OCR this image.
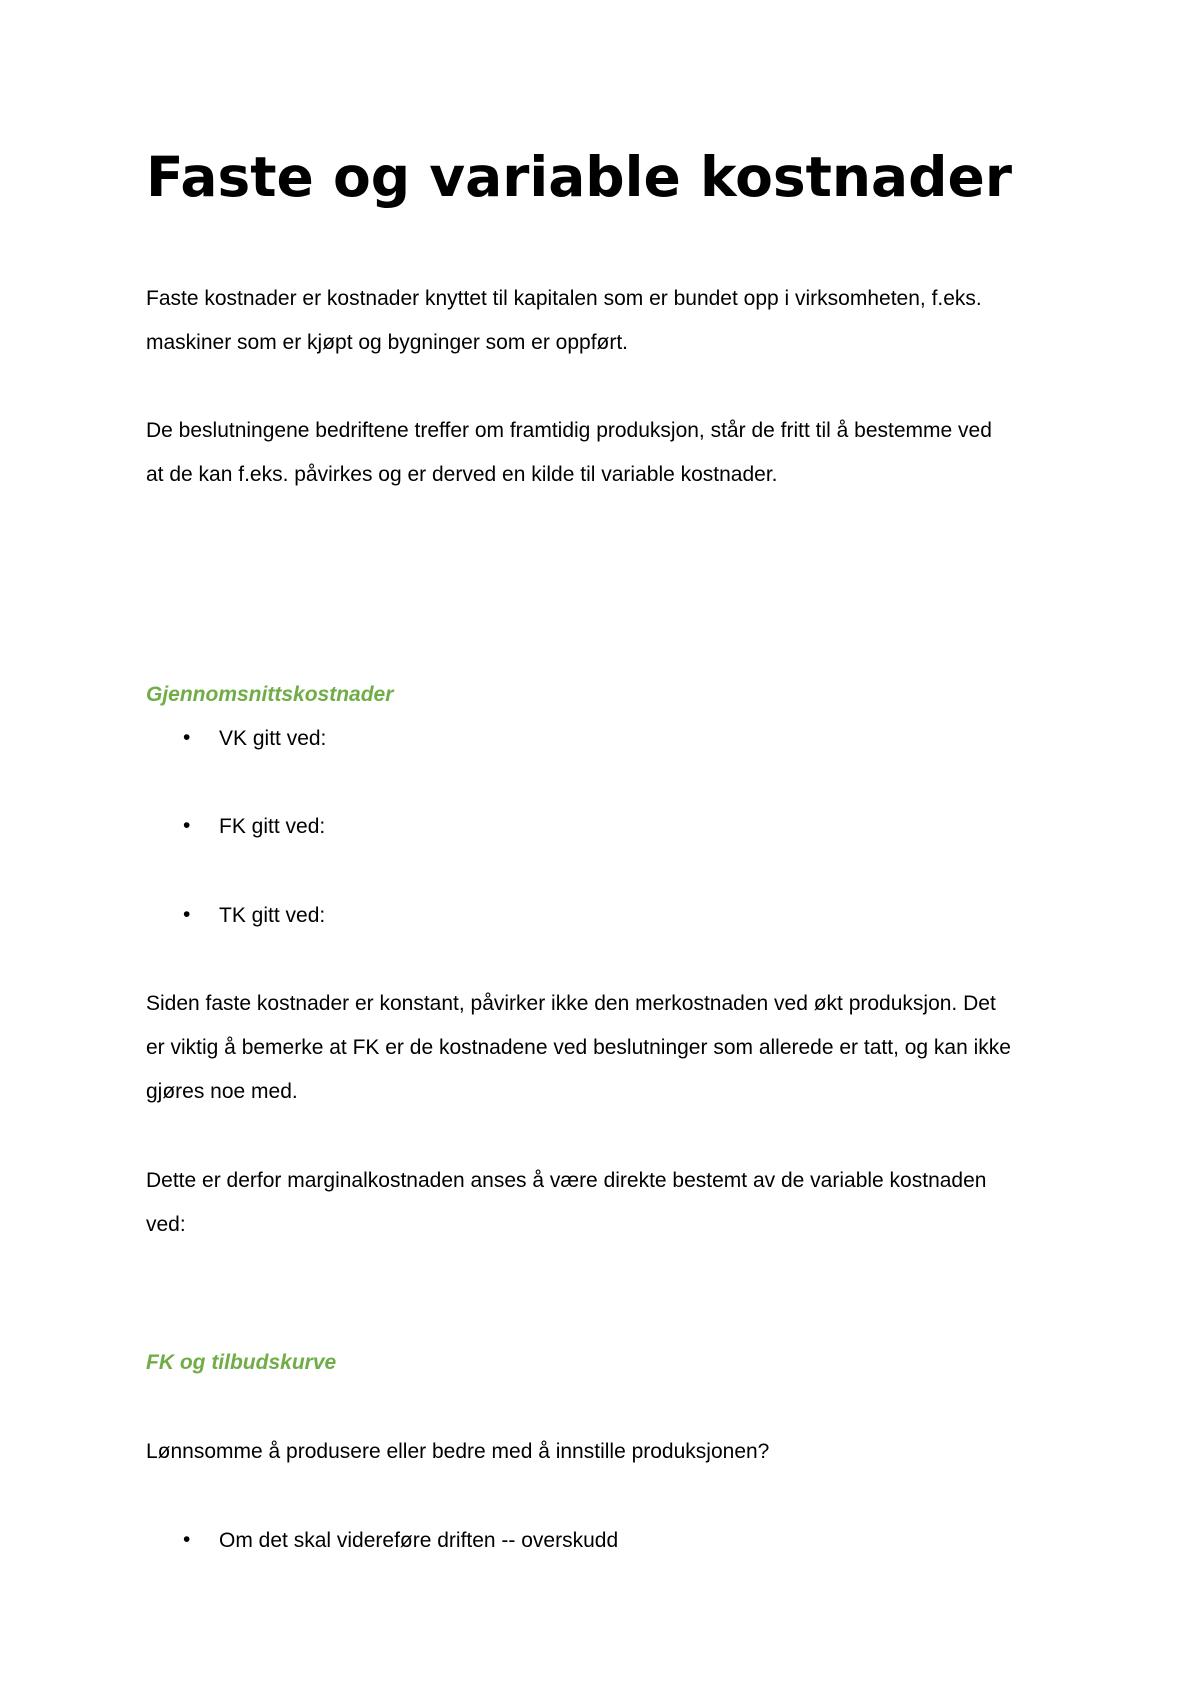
Faste og variable kostnader

Faste kostnader er kostnader knyttet til kapitalen som er bundet opp i virksomheten, f.eks.
maskiner som er kjøpt og bygninger som er oppført.

De beslutningene bedriftene treffer om framtidig produksjon, står de fritt til å bestemme ved
at de kan f.eks. påvirkes og er derved en kilde til variable kostnader.

Gjennomsnittskostnader
• VK gitt ved:
• FK gitt ved:
• TK gitt ved:

Siden faste kostnader er konstant, påvirker ikke den merkostnaden ved økt produksjon. Det
er viktig å bemerke at FK er de kostnadene ved beslutninger som allerede er tatt, og kan ikke
gjøres noe med.

Dette er derfor marginalkostnaden anses å være direkte bestemt av de variable kostnaden
ved:

FK og tilbudskurve

Lønnsomme å produsere eller bedre med å innstille produksjonen?

• Om det skal videreføre driften -- overskudd
